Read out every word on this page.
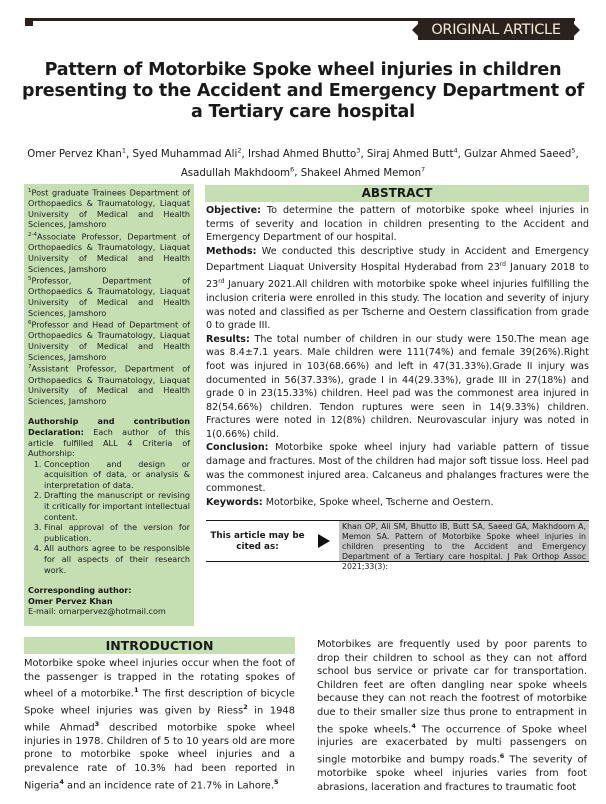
ORIGINAL ARTICLE
Pattern of Motorbike Spoke wheel injuries in children presenting to the Accident and Emergency Department of a Tertiary care hospital
Omer Pervez Khan$^1$, Syed Muhammad Ali$^2$, Irshad Ahmed Bhutto$^3$, Siraj Ahmed Butt$^4$, Gulzar Ahmed Saeed$^5$,
Asadullah Makhdoom$^6$, Shakeel Ahmed Memon$^7$

$^1$Post graduate Trainees Department of Orthopaedics & Traumatology, Liaquat University of Medical and Health Sciences, Jamshoro

$^{2-4}$Associate Professor, Department of Orthopaedics & Traumatology, Liaquat University of Medical and Health Sciences, Jamshoro

$^5$Professor, Department of Orthopaedics & Traumatology, Liaquat University of Medical and Health Sciences, Jamshoro

$^6$Professor and Head of Department of Orthopaedics & Traumatology, Liaquat University of Medical and Health Sciences, Jamshoro

$^7$Assistant Professor, Department of Orthopaedics & Traumatology, Liaquat University of Medical and Health Sciences, Jamshoro

Authorship and contribution Declaration: Each author of this article fulfilled ALL 4 Criteria of Authorship:

1. Conception and design or acquisition of data, or analysis & interpretation of data.
2. Drafting the manuscript or revising it critically for important intellectual content.
3. Final approval of the version for publication.
4. All authors agree to be responsible for all aspects of their research work.

Corresponding author:

Omer Pervez Khan

E-mail: omarpervez@hotmail.com

ABSTRACT

Objective: To determine the pattern of motorbike spoke wheel injuries in terms of severity and location in children presenting to the Accident and Emergency Department of our hospital.

Methods: We conducted this descriptive study in Accident and Emergency Department Liaquat University Hospital Hyderabad from 23rd January 2018 to 23rd January 2021.All children with motorbike spoke wheel injuries fulfilling the inclusion criteria were enrolled in this study. The location and severity of injury was noted and classified as per Tscherne and Oestern classification from grade 0 to grade III.

Results: The total number of children in our study were 150.The mean age was 8.4±7.1 years. Male children were 111(74%) and female 39(26%).Right foot was injured in 103(68.66%) and left in 47(31.33%).Grade II injury was documented in 56(37.33%), grade I in 44(29.33%), grade III in 27(18%) and grade 0 in 23(15.33%) children. Heel pad was the commonest area injured in 82(54.66%) children. Tendon ruptures were seen in 14(9.33%) children. Fractures were noted in 12(8%) children. Neurovascular injury was noted in 1(0.66%) child.

Conclusion: Motorbike spoke wheel injury had variable pattern of tissue damage and fractures. Most of the children had major soft tissue loss. Heel pad was the commonest injured area. Calcaneus and phalanges fractures were the commonest.

Keywords: Motorbike, Spoke wheel, Tscherne and Oestern.

This article may be cited as:
Khan OP, Ali SM, Bhutto IB, Butt SA, Saeed GA, Makhdoom A, Memon SA. Pattern of Motorbike Spoke wheel injuries in children presenting to the Accident and Emergency Department of a Tertiary care hospital. J Pak Orthop Assoc 2021;33(3):
INTRODUCTION
Motorbike spoke wheel injuries occur when the foot of the passenger is trapped in the rotating spokes of wheel of a motorbike.$^1$ The first description of bicycle Spoke wheel injuries was given by Riess$^2$ in 1948 while Ahmad$^3$ described motorbike spoke wheel injuries in 1978. Children of 5 to 10 years old are more prone to motorbike spoke wheel injuries and a prevalence rate of 10.3% had been reported in Nigeria$^4$ and an incidence rate of 21.7% in Lahore.$^5$
Motorbikes are frequently used by poor parents to drop their children to school as they can not afford school bus service or private car for transportation. Children feet are often dangling near spoke wheels because they can not reach the footrest of motorbike due to their smaller size thus prone to entrapment in the spoke wheels.$^4$ The occurrence of Spoke wheel injuries are exacerbated by multi passengers on single motorbike and bumpy roads.$^6$ The severity of motorbike spoke wheel injuries varies from foot abrasions, laceration and fractures to traumatic foot
